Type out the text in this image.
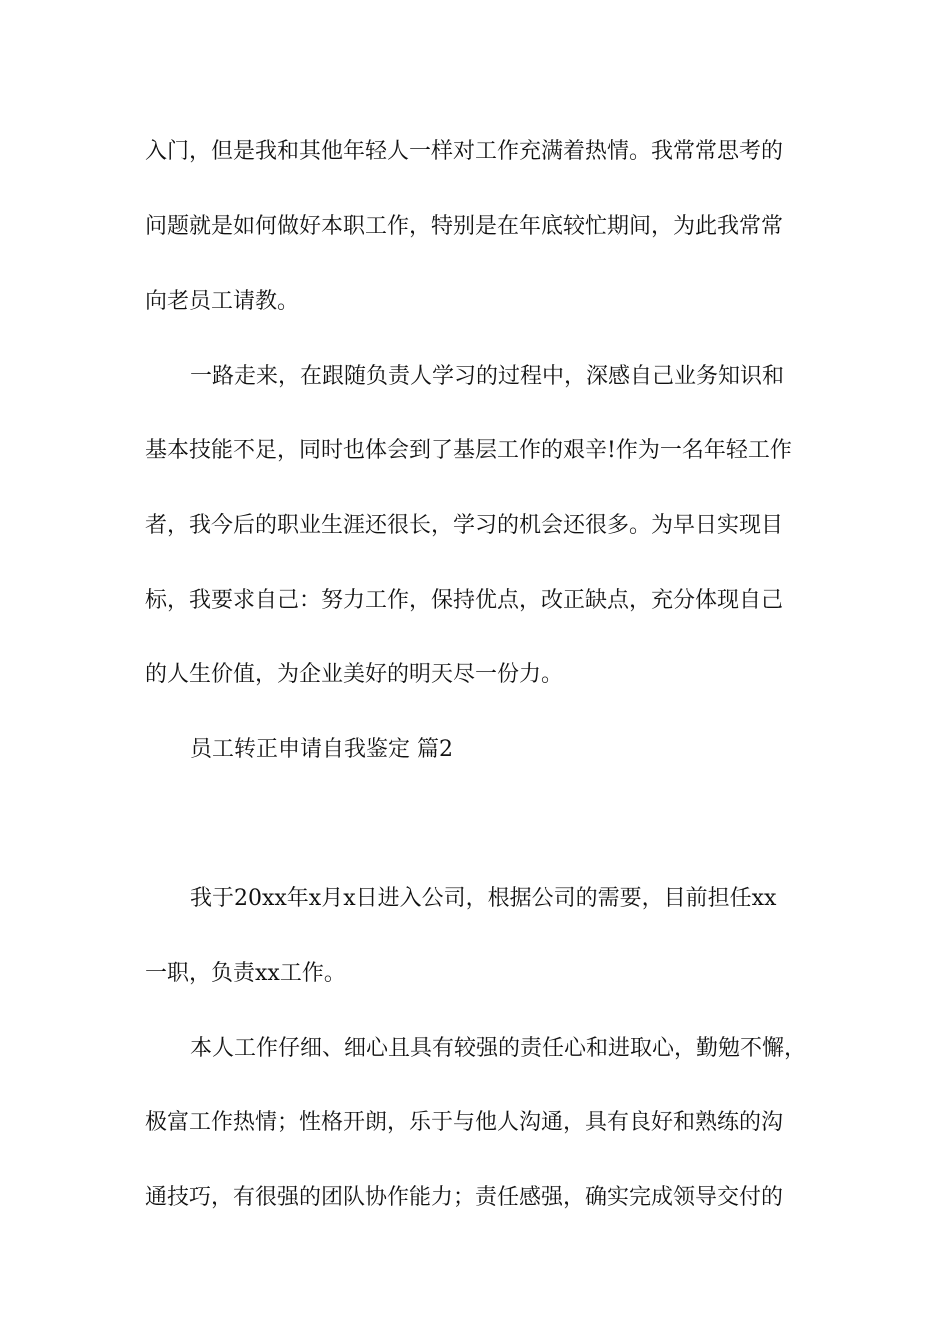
入门，但是我和其他年轻人一样对工作充满着热情。我常常思考的
问题就是如何做好本职工作，特别是在年底较忙期间，为此我常常
向老员工请教。
一路走来，在跟随负责人学习的过程中，深感自己业务知识和
基本技能不足，同时也体会到了基层工作的艰辛!作为一名年轻工作
者，我今后的职业生涯还很长，学习的机会还很多。为早日实现目
标，我要求自己：努力工作，保持优点，改正缺点，充分体现自己
的人生价值，为企业美好的明天尽一份力。
员工转正申请自我鉴定 篇2
我于20xx年x月x日进入公司，根据公司的需要，目前担任xx
一职，负责xx工作。
本人工作仔细、细心且具有较强的责任心和进取心，勤勉不懈，
极富工作热情；性格开朗，乐于与他人沟通，具有良好和熟练的沟
通技巧，有很强的团队协作能力；责任感强，确实完成领导交付的
